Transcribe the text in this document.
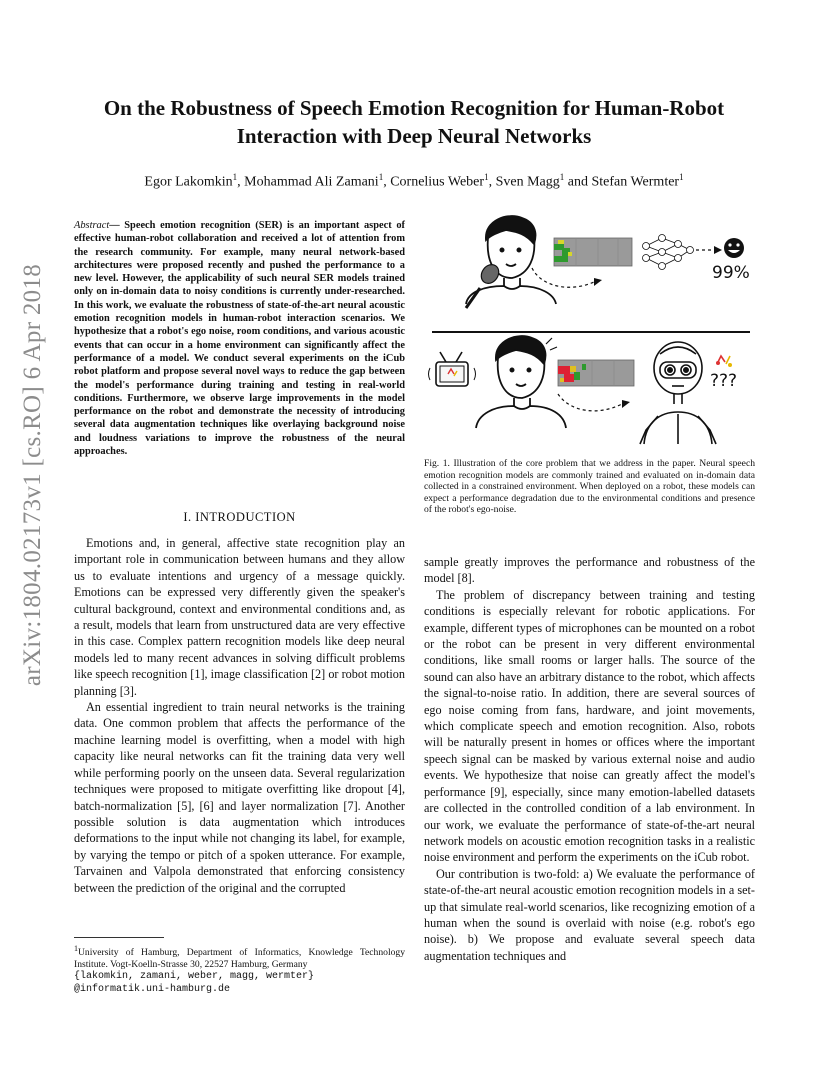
arXiv:1804.02173v1 [cs.RO] 6 Apr 2018
On the Robustness of Speech Emotion Recognition for Human-Robot Interaction with Deep Neural Networks
Egor Lakomkin$^1$, Mohammad Ali Zamani$^1$, Cornelius Weber$^1$, Sven Magg$^1$ and Stefan Wermter$^1$
Abstract— Speech emotion recognition (SER) is an important aspect of effective human-robot collaboration and received a lot of attention from the research community. For example, many neural network-based architectures were proposed recently and pushed the performance to a new level. However, the applicability of such neural SER models trained only on in-domain data to noisy conditions is currently under-researched. In this work, we evaluate the robustness of state-of-the-art neural acoustic emotion recognition models in human-robot interaction scenarios. We hypothesize that a robot's ego noise, room conditions, and various acoustic events that can occur in a home environment can significantly affect the performance of a model. We conduct several experiments on the iCub robot platform and propose several novel ways to reduce the gap between the model's performance during training and testing in real-world conditions. Furthermore, we observe large improvements in the model performance on the robot and demonstrate the necessity of introducing several data augmentation techniques like overlaying background noise and loudness variations to improve the robustness of the neural approaches.
I. INTRODUCTION

Emotions and, in general, affective state recognition play an important role in communication between humans and they allow us to evaluate intentions and urgency of a message quickly. Emotions can be expressed very differently given the speaker's cultural background, context and environmental conditions and, as a result, models that learn from unstructured data are very effective in this case. Complex pattern recognition models like deep neural models led to many recent advances in solving difficult problems like speech recognition [1], image classification [2] or robot motion planning [3].

An essential ingredient to train neural networks is the training data. One common problem that affects the performance of the machine learning model is overfitting, when a model with high capacity like neural networks can fit the training data very well while performing poorly on the unseen data. Several regularization techniques were proposed to mitigate overfitting like dropout [4], batch-normalization [5], [6] and layer normalization [7]. Another possible solution is data augmentation which introduces deformations to the input while not changing its label, for example, by varying the tempo or pitch of a spoken utterance. For example, Tarvainen and Valpola demonstrated that enforcing consistency between the prediction of the original and the corrupted

$^1$University of Hamburg, Department of Informatics, Knowledge Technology Institute. Vogt-Koelln-Strasse 30, 22527 Hamburg, Germany
{lakomkin, zamani, weber, magg, wermter}
@informatik.uni-hamburg.de
99%
???
Fig. 1. Illustration of the core problem that we address in the paper. Neural speech emotion recognition models are commonly trained and evaluated on in-domain data collected in a constrained environment. When deployed on a robot, these models can expect a performance degradation due to the environmental conditions and presence of the robot's ego-noise.

sample greatly improves the performance and robustness of the model [8].

The problem of discrepancy between training and testing conditions is especially relevant for robotic applications. For example, different types of microphones can be mounted on a robot or the robot can be present in very different environmental conditions, like small rooms or larger halls. The source of the sound can also have an arbitrary distance to the robot, which affects the signal-to-noise ratio. In addition, there are several sources of ego noise coming from fans, hardware, and joint movements, which complicate speech and emotion recognition. Also, robots will be naturally present in homes or offices where the important speech signal can be masked by various external noise and audio events. We hypothesize that noise can greatly affect the model's performance [9], especially, since many emotion-labelled datasets are collected in the controlled condition of a lab environment. In our work, we evaluate the performance of state-of-the-art neural network models on acoustic emotion recognition tasks in a realistic noise environment and perform the experiments on the iCub robot.

Our contribution is two-fold: a) We evaluate the performance of state-of-the-art neural acoustic emotion recognition models in a set-up that simulate real-world scenarios, like recognizing emotion of a human when the sound is overlaid with noise (e.g. robot's ego noise). b) We propose and evaluate several speech data augmentation techniques and
